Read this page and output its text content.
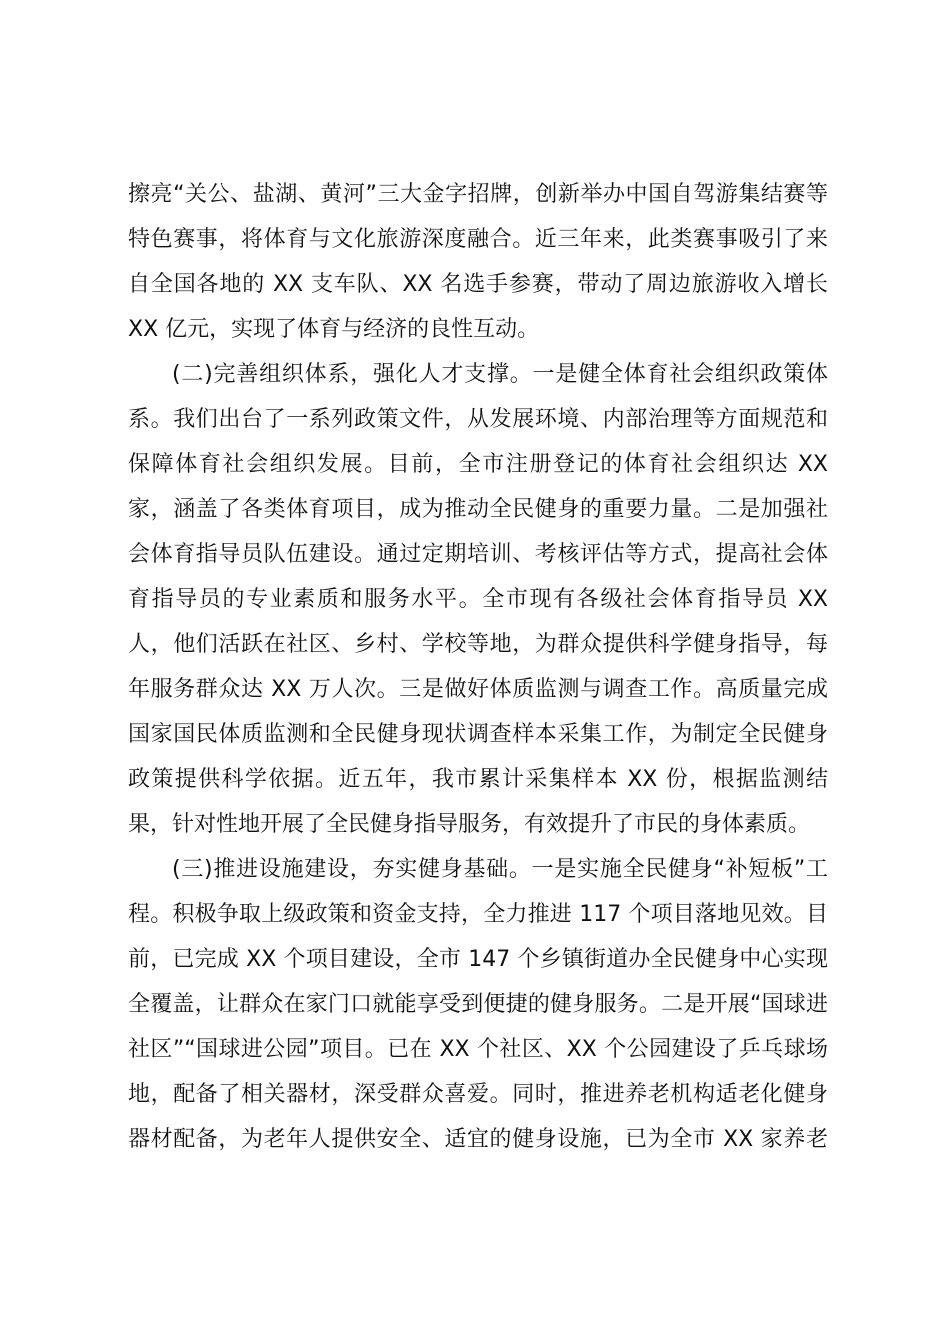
擦亮“关公、盐湖、黄河”三大金字招牌，创新举办中国自驾游集结赛等
特色赛事，将体育与文化旅游深度融合。近三年来，此类赛事吸引了来
自全国各地的 XX 支车队、XX 名选手参赛，带动了周边旅游收入增长
XX 亿元，实现了体育与经济的良性互动。
(二)完善组织体系，强化人才支撑。一是健全体育社会组织政策体
系。我们出台了一系列政策文件，从发展环境、内部治理等方面规范和
保障体育社会组织发展。目前，全市注册登记的体育社会组织达 XX
家，涵盖了各类体育项目，成为推动全民健身的重要力量。二是加强社
会体育指导员队伍建设。通过定期培训、考核评估等方式，提高社会体
育指导员的专业素质和服务水平。全市现有各级社会体育指导员 XX
人，他们活跃在社区、乡村、学校等地，为群众提供科学健身指导，每
年服务群众达 XX 万人次。三是做好体质监测与调查工作。高质量完成
国家国民体质监测和全民健身现状调查样本采集工作，为制定全民健身
政策提供科学依据。近五年，我市累计采集样本 XX 份，根据监测结
果，针对性地开展了全民健身指导服务，有效提升了市民的身体素质。
(三)推进设施建设，夯实健身基础。一是实施全民健身“补短板”工
程。积极争取上级政策和资金支持，全力推进 117 个项目落地见效。目
前，已完成 XX 个项目建设，全市 147 个乡镇街道办全民健身中心实现
全覆盖，让群众在家门口就能享受到便捷的健身服务。二是开展“国球进
社区”“国球进公园”项目。已在 XX 个社区、XX 个公园建设了乒乓球场
地，配备了相关器材，深受群众喜爱。同时，推进养老机构适老化健身
器材配备，为老年人提供安全、适宜的健身设施，已为全市 XX 家养老
